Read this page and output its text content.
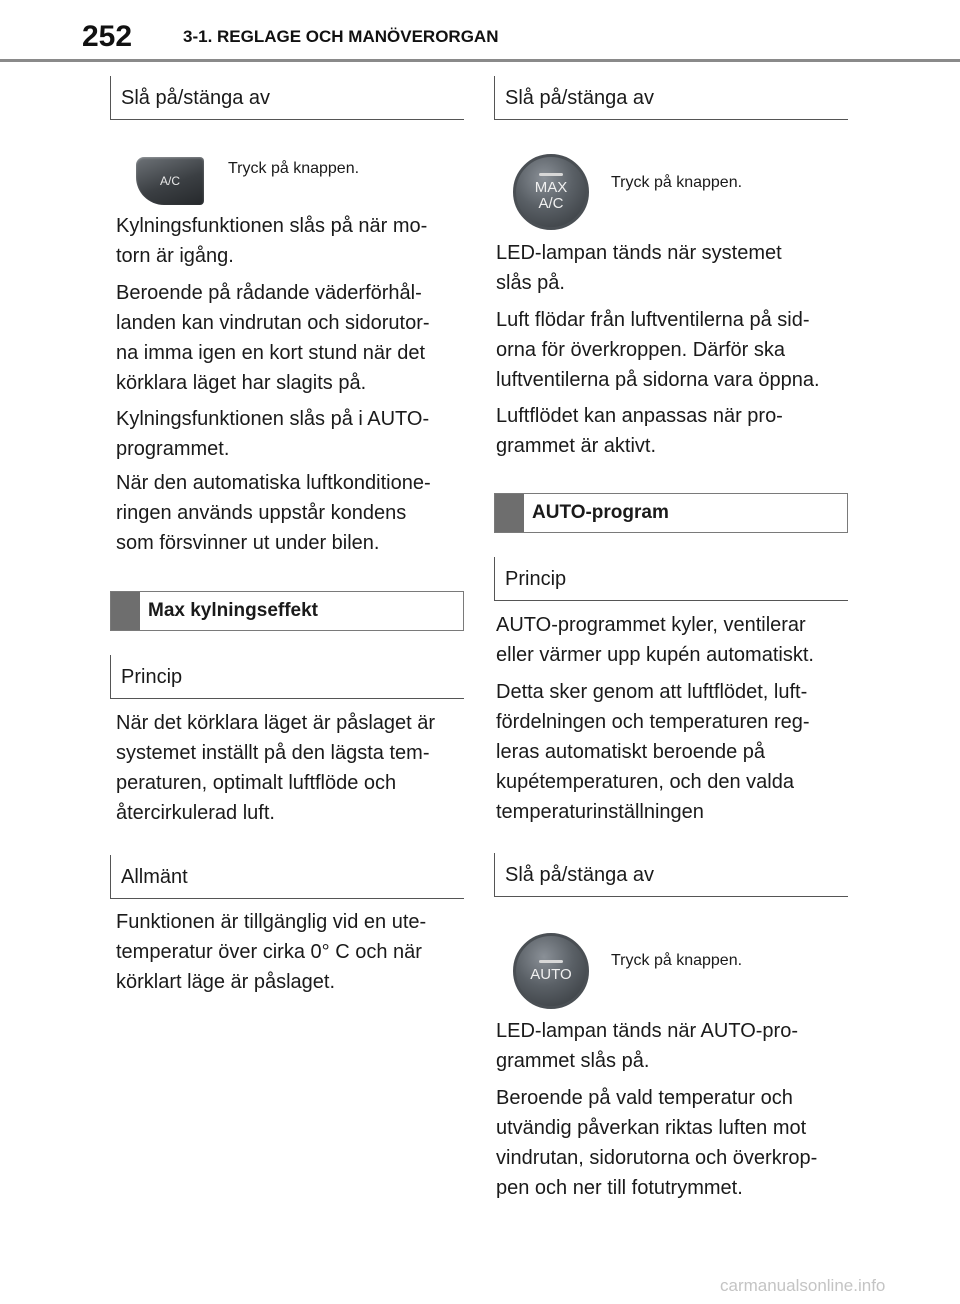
252	3-1. REGLAGE OCH MANÖVERORGAN
Slå på/stänga av
A/C
Tryck på knappen.
Kylningsfunktionen slås på när mo-
torn är igång.
Beroende på rådande väderförhål-
landen kan vindrutan och sidorutor-
na imma igen en kort stund när det
körklara läget har slagits på.
Kylningsfunktionen slås på i AUTO-
programmet.
När den automatiska luftkonditione-
ringen används uppstår kondens
som försvinner ut under bilen.
Max kylningseffekt
Princip
När det körklara läget är påslaget är
systemet inställt på den lägsta tem-
peraturen, optimalt luftflöde och
återcirkulerad luft.
Allmänt
Funktionen är tillgänglig vid en ute-
temperatur över cirka 0° C och när
körklart läge är påslaget.
Slå på/stänga av
MAX
A/C
Tryck på knappen.
LED-lampan tänds när systemet
slås på.
Luft flödar från luftventilerna på sid-
orna för överkroppen. Därför ska
luftventilerna på sidorna vara öppna.
Luftflödet kan anpassas när pro-
grammet är aktivt.
AUTO-program
Princip
AUTO-programmet kyler, ventilerar
eller värmer upp kupén automatiskt.
Detta sker genom att luftflödet, luft-
fördelningen och temperaturen reg-
leras automatiskt beroende på
kupétemperaturen, och den valda
temperaturinställningen
Slå på/stänga av
AUTO
Tryck på knappen.
LED-lampan tänds när AUTO-pro-
grammet slås på.
Beroende på vald temperatur och
utvändig påverkan riktas luften mot
vindrutan, sidorutorna och överkrop-
pen och ner till fotutrymmet.
carmanualsonline.info
